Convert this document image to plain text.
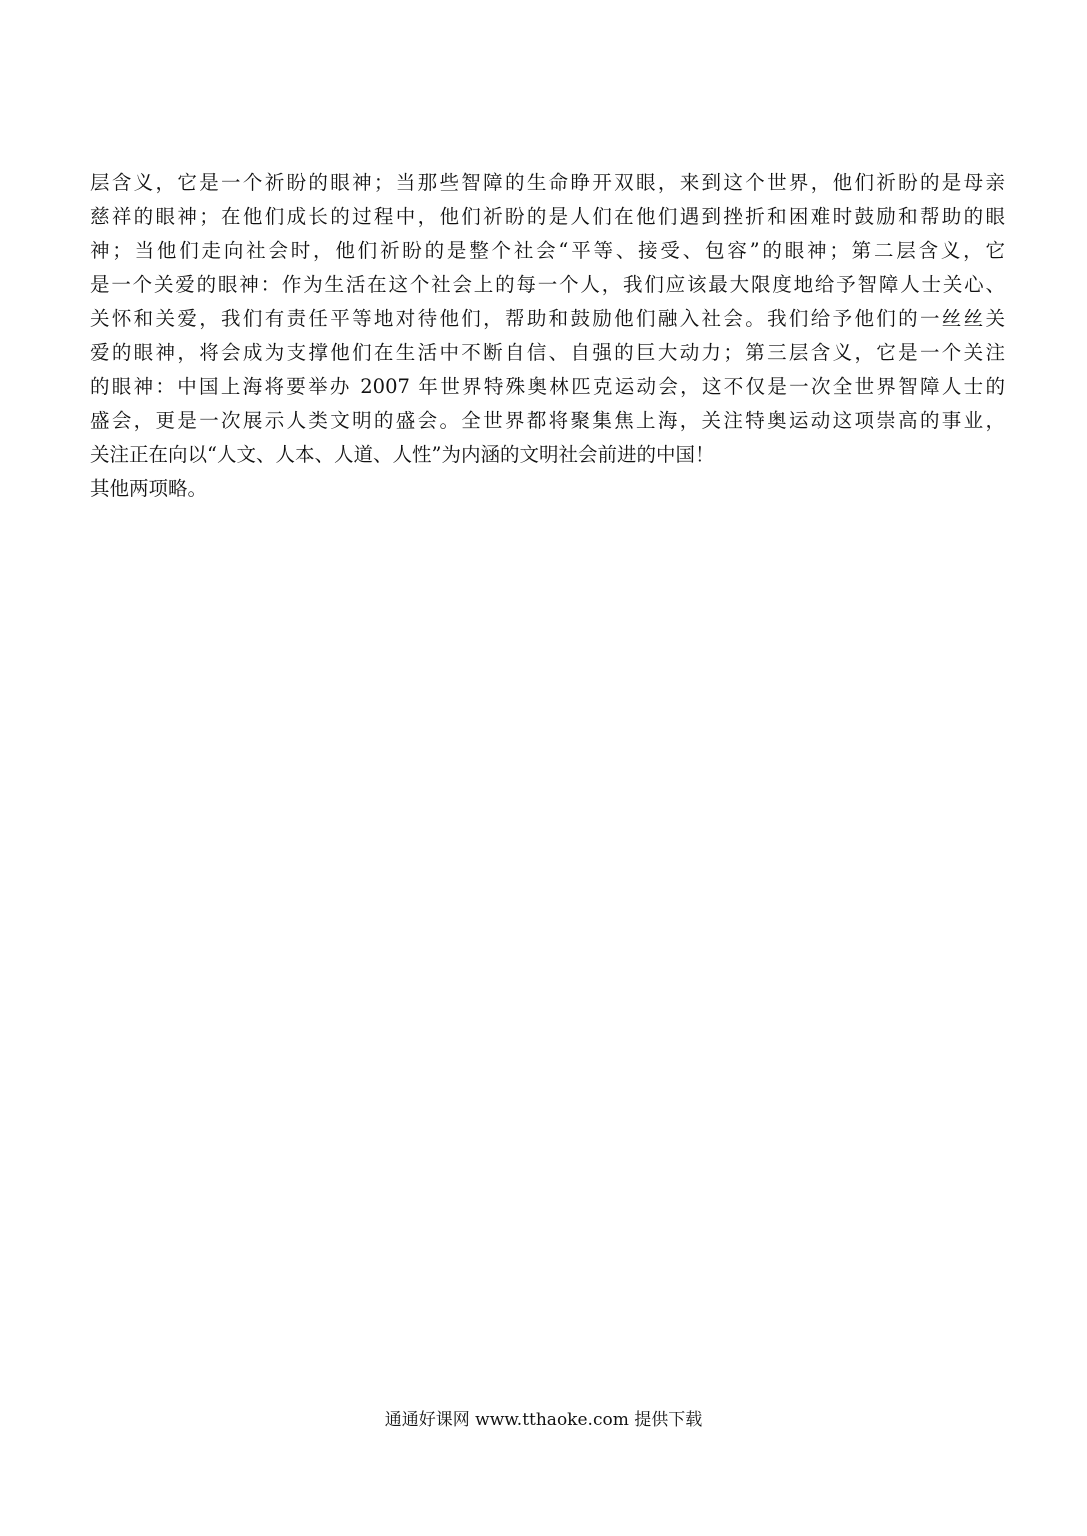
层含义，它是一个祈盼的眼神；当那些智障的生命睁开双眼，来到这个世界，他们祈盼的是母亲
慈祥的眼神；在他们成长的过程中，他们祈盼的是人们在他们遇到挫折和困难时鼓励和帮助的眼
神；当他们走向社会时，他们祈盼的是整个社会“平等、接受、包容”的眼神；第二层含义，它
是一个关爱的眼神：作为生活在这个社会上的每一个人，我们应该最大限度地给予智障人士关心、
关怀和关爱，我们有责任平等地对待他们，帮助和鼓励他们融入社会。我们给予他们的一丝丝关
爱的眼神，将会成为支撑他们在生活中不断自信、自强的巨大动力；第三层含义，它是一个关注
的眼神：中国上海将要举办 2007 年世界特殊奥林匹克运动会，这不仅是一次全世界智障人士的
盛会，更是一次展示人类文明的盛会。全世界都将聚集焦上海，关注特奥运动这项崇高的事业，
关注正在向以“人文、人本、人道、人性”为内涵的文明社会前进的中国！
其他两项略。
通通好课网 www.tthaoke.com 提供下载
